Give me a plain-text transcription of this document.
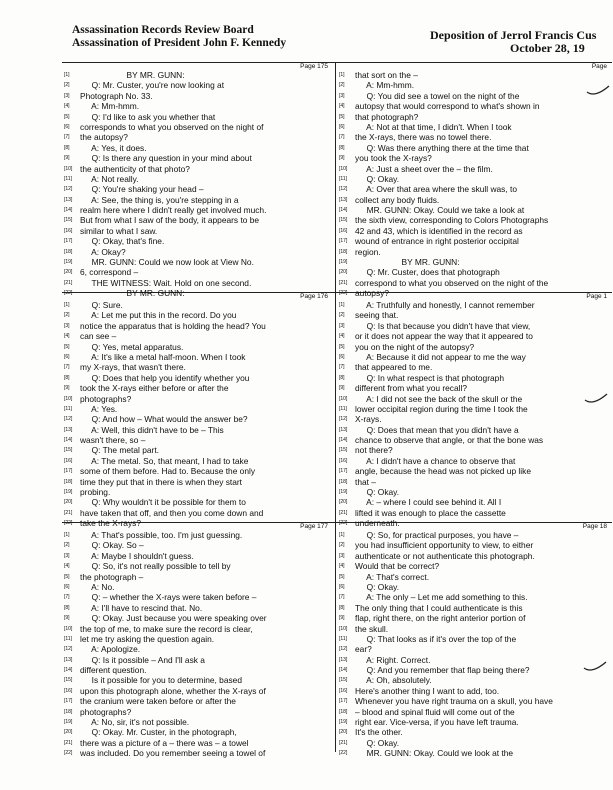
Assassination Records Review Board
Assassination of President John F. Kennedy
Deposition of Jerrol Francis Cus
October 28, 19
Page 175
[1]	BY MR. GUNN:
[2]	Q: Mr. Custer, you're now looking at
[3]	Photograph No. 33.
[4]	A: Mm-hmm.
[5]	Q: I'd like to ask you whether that
[6]	corresponds to what you observed on the night of
[7]	the autopsy?
[8]	A: Yes, it does.
[9]	Q: Is there any question in your mind about
[10] the authenticity of that photo?
[11] A: Not really.
[12] Q: You're shaking your head –
[13] A: See, the thing is, you're stepping in a
[14] realm here where I didn't really get involved much.
[15] But from what I saw of the body, it appears to be
[16] similar to what I saw.
[17] Q: Okay, that's fine.
[18] A: Okay?
[19] MR. GUNN: Could we now look at View No.
[20] 6, correspond –
[21] THE WITNESS: Wait. Hold on one second.
[22] BY MR. GUNN:
Page
[1]	that sort on the –
[2]	A: Mm-hmm.
[3]	Q: You did see a towel on the night of the
[4]	autopsy that would correspond to what's shown in
[5]	that photograph?
[6]	A: Not at that time, I didn't. When I took
[7]	the X-rays, there was no towel there.
[8]	Q: Was there anything there at the time that
[9]	you took the X-rays?
[10] A: Just a sheet over the – the film.
[11] Q: Okay.
[12] A: Over that area where the skull was, to
[13] collect any body fluids.
[14] MR. GUNN: Okay. Could we take a look at
[15] the sixth view, corresponding to Colors Photographs
[16] 42 and 43, which is identified in the record as
[17] wound of entrance in right posterior occipital
[18] region.
[19] BY MR. GUNN:
[20] Q: Mr. Custer, does that photograph
[21] correspond to what you observed on the night of the
[22] autopsy?
Page 176
[1]	Q: Sure.
[2]	A: Let me put this in the record. Do you
[3]	notice the apparatus that is holding the head? You
[4]	can see –
[5]	Q: Yes, metal apparatus.
[6]	A: It's like a metal half-moon. When I took
[7]	my X-rays, that wasn't there.
[8]	Q: Does that help you identify whether you
[9]	took the X-rays either before or after the
[10] photographs?
[11] A: Yes.
[12] Q: And how – What would the answer be?
[13] A: Well, this didn't have to be – This
[14] wasn't there, so –
[15] Q: The metal part.
[16] A: The metal. So, that meant, I had to take
[17] some of them before. Had to. Because the only
[18] time they put that in there is when they start
[19] probing.
[20] Q: Why wouldn't it be possible for them to
[21] have taken that off, and then you come down and
[22] take the X-rays?
Page 1
[1]	A: Truthfully and honestly, I cannot remember
[2]	seeing that.
[3]	Q: Is that because you didn't have that view,
[4]	or it does not appear the way that it appeared to
[5]	you on the night of the autopsy?
[6]	A: Because it did not appear to me the way
[7]	that appeared to me.
[8]	Q: In what respect is that photograph
[9]	different from what you recall?
[10] A: I did not see the back of the skull or the
[11] lower occipital region during the time I took the
[12] X-rays.
[13] Q: Does that mean that you didn't have a
[14] chance to observe that angle, or that the bone was
[15] not there?
[16] A: I didn't have a chance to observe that
[17] angle, because the head was not picked up like
[18] that –
[19] Q: Okay.
[20] A: – where I could see behind it. All I
[21] lifted it was enough to place the cassette
[22] underneath.
Page 177
[1]	A: That's possible, too. I'm just guessing.
[2]	Q: Okay. So –
[3]	A: Maybe I shouldn't guess.
[4]	Q: So, it's not really possible to tell by
[5]	the photograph –
[6]	A: No.
[7]	Q: – whether the X-rays were taken before –
[8]	A: I'll have to rescind that. No.
[9]	Q: Okay. Just because you were speaking over
[10] the top of me, to make sure the record is clear,
[11] let me try asking the question again.
[12] A: Apologize.
[13] Q: Is it possible – And I'll ask a
[14] different question.
[15] Is it possible for you to determine, based
[16] upon this photograph alone, whether the X-rays of
[17] the cranium were taken before or after the
[18] photographs?
[19] A: No, sir, it's not possible.
[20] Q: Okay. Mr. Custer, in the photograph,
[21] there was a picture of a – there was – a towel
[22] was included. Do you remember seeing a towel of
Page 18
[1]	Q: So, for practical purposes, you have –
[2]	you had insufficient opportunity to view, to either
[3]	authenticate or not authenticate this photograph.
[4]	Would that be correct?
[5]	A: That's correct.
[6]	Q: Okay.
[7]	A: The only – Let me add something to this.
[8]	The only thing that I could authenticate is this
[9]	flap, right there, on the right anterior portion of
[10] the skull.
[11] Q: That looks as if it's over the top of the
[12] ear?
[13] A: Right. Correct.
[14] Q: And you remember that flap being there?
[15] A: Oh, absolutely.
[16] Here's another thing I want to add, too.
[17] Whenever you have right trauma on a skull, you have
[18] – blood and spinal fluid will come out of the
[19] right ear. Vice-versa, if you have left trauma.
[20] It's the other.
[21] Q: Okay.
[22] MR. GUNN: Okay. Could we look at the
